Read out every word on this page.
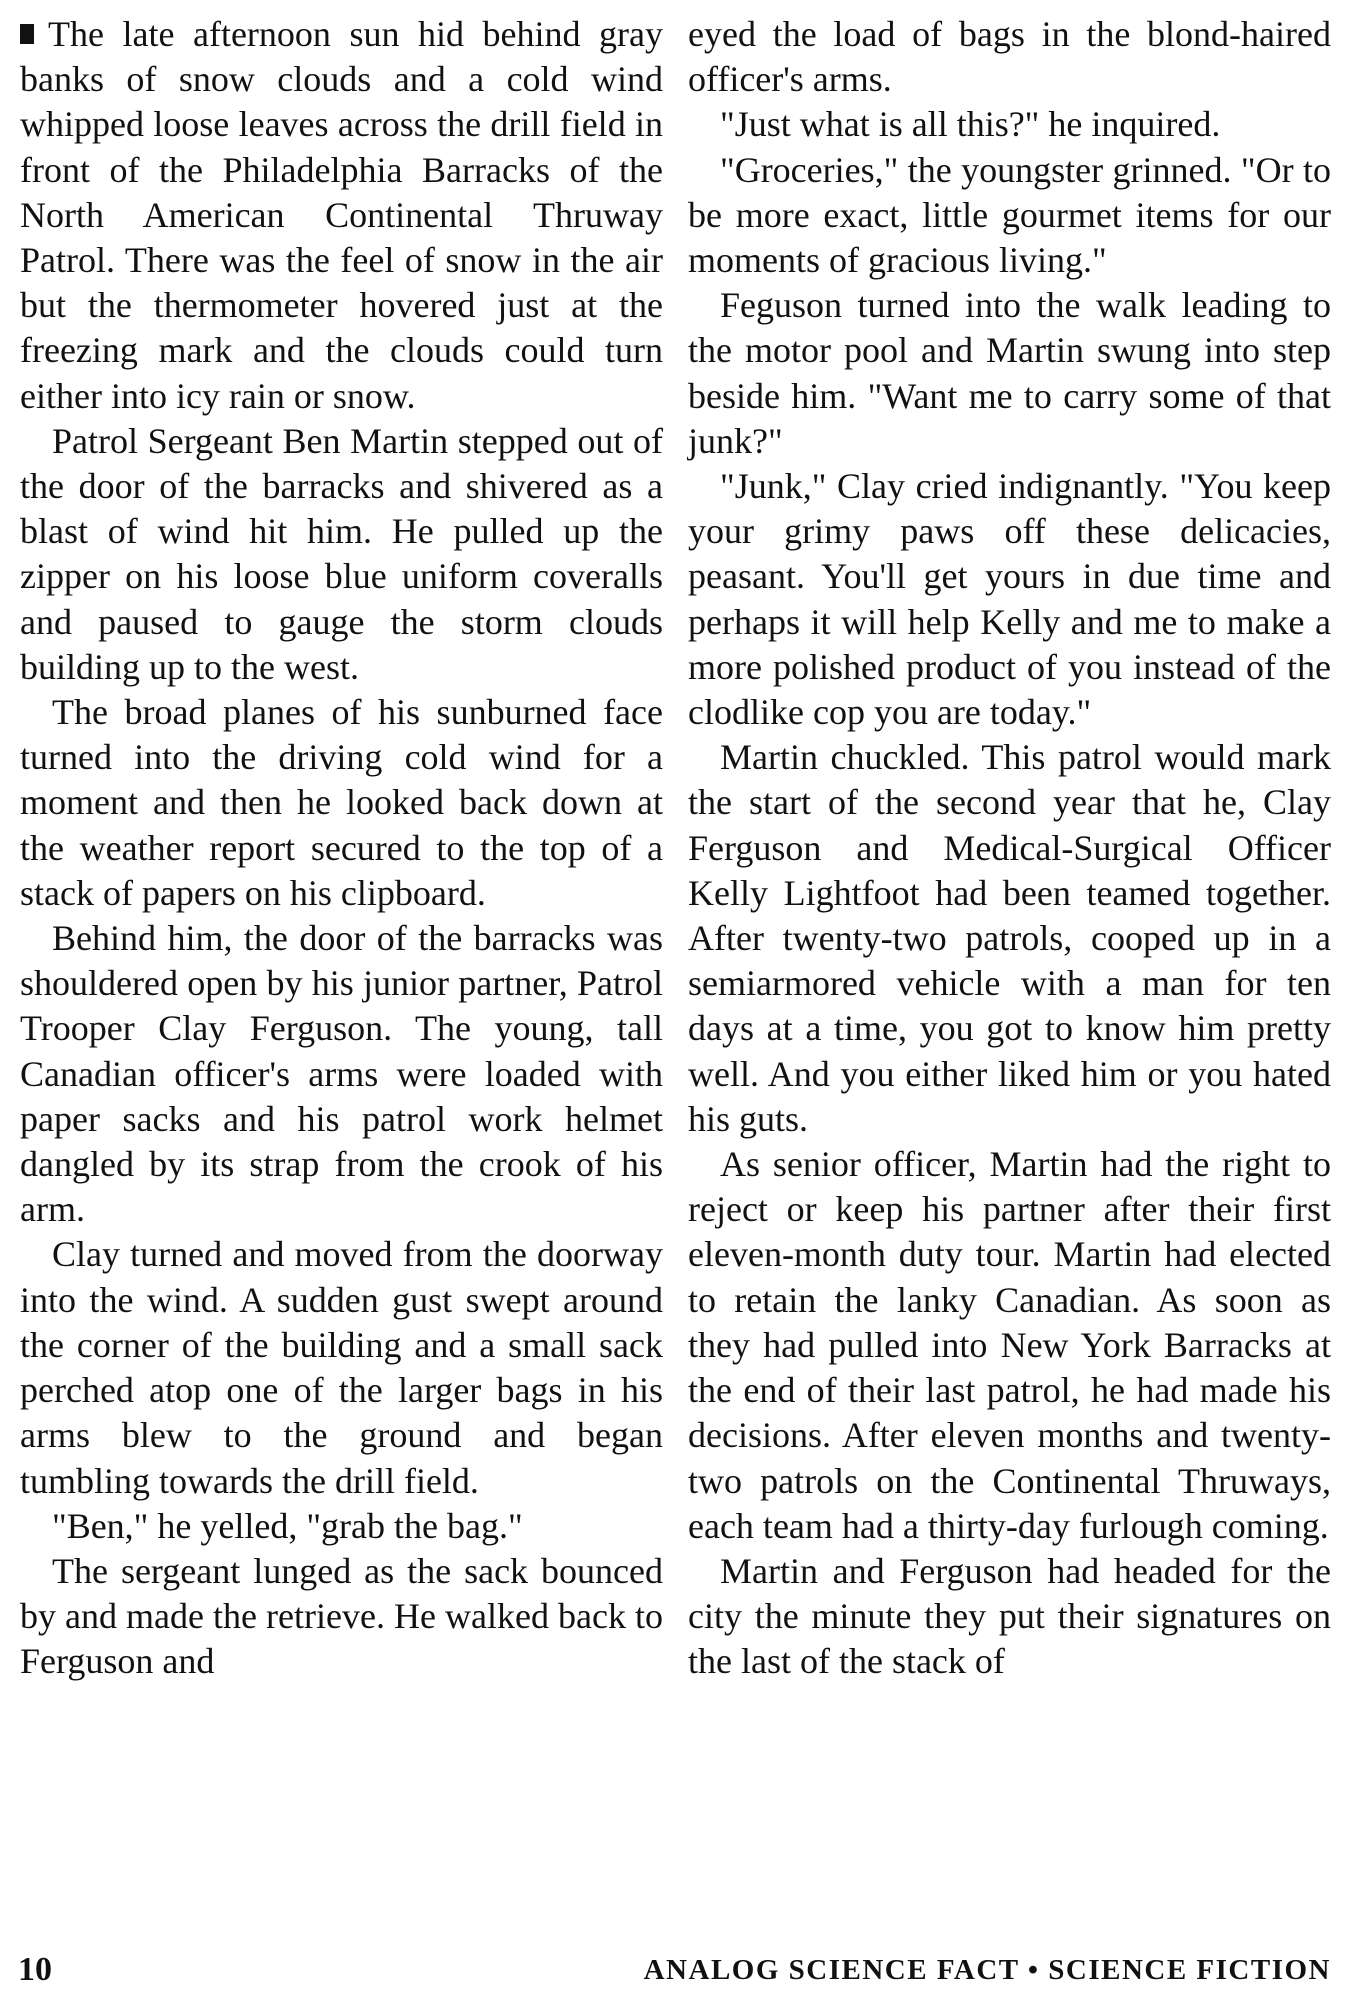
The late afternoon sun hid behind gray banks of snow clouds and a cold wind whipped loose leaves across the drill field in front of the Philadelphia Barracks of the North American Continental Thruway Patrol. There was the feel of snow in the air but the thermometer hovered just at the freezing mark and the clouds could turn either into icy rain or snow.

Patrol Sergeant Ben Martin stepped out of the door of the barracks and shivered as a blast of wind hit him. He pulled up the zipper on his loose blue uniform coveralls and paused to gauge the storm clouds building up to the west.

The broad planes of his sunburned face turned into the driving cold wind for a moment and then he looked back down at the weather report secured to the top of a stack of papers on his clipboard.

Behind him, the door of the barracks was shouldered open by his junior partner, Patrol Trooper Clay Ferguson. The young, tall Canadian officer's arms were loaded with paper sacks and his patrol work helmet dangled by its strap from the crook of his arm.

Clay turned and moved from the doorway into the wind. A sudden gust swept around the corner of the building and a small sack perched atop one of the larger bags in his arms blew to the ground and began tumbling towards the drill field.

"Ben," he yelled, "grab the bag."

The sergeant lunged as the sack bounced by and made the retrieve. He walked back to Ferguson and

eyed the load of bags in the blond-haired officer's arms.

"Just what is all this?" he inquired.

"Groceries," the youngster grinned. "Or to be more exact, little gourmet items for our moments of gracious living."

Feguson turned into the walk leading to the motor pool and Martin swung into step beside him. "Want me to carry some of that junk?"

"Junk," Clay cried indignantly. "You keep your grimy paws off these delicacies, peasant. You'll get yours in due time and perhaps it will help Kelly and me to make a more polished product of you instead of the clodlike cop you are today."

Martin chuckled. This patrol would mark the start of the second year that he, Clay Ferguson and Medical-Surgical Officer Kelly Lightfoot had been teamed together. After twenty-two patrols, cooped up in a semiarmored vehicle with a man for ten days at a time, you got to know him pretty well. And you either liked him or you hated his guts.

As senior officer, Martin had the right to reject or keep his partner after their first eleven-month duty tour. Martin had elected to retain the lanky Canadian. As soon as they had pulled into New York Barracks at the end of their last patrol, he had made his decisions. After eleven months and twenty-two patrols on the Continental Thruways, each team had a thirty-day furlough coming.

Martin and Ferguson had headed for the city the minute they put their signatures on the last of the stack of

10	ANALOG SCIENCE FACT • SCIENCE FICTION
